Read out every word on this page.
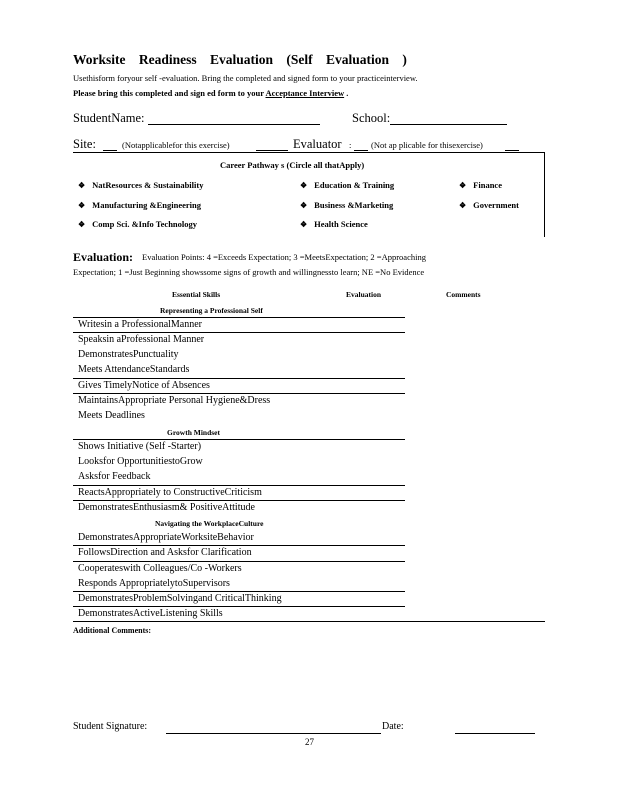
Worksite Readiness Evaluation (Self Evaluation )
Usethisform foryour self -evaluation. Bring the completed and signed form to your practiceinterview.
Please bring this completed and sign ed form to your Acceptance Interview .
StudentName:	School:
Site:	(Notapplicablefor this exercise)	Evaluator : (Not ap plicable for thisexercise)
Career Pathway s (Circle all thatApply)
❖ NatResources & Sustainability
❖ Manufacturing &Engineering
❖ Comp Sci. &Info Technology
❖ Education & Training
❖ Business &Marketing
❖ Health Science
❖ Finance
❖ Government
Evaluation: Evaluation Points: 4 =Exceeds Expectation; 3 =MeetsExpectation; 2 =Approaching
Expectation; 1 =Just Beginning showssome signs of growth and willingnessto learn; NE =No Evidence
Essential Skills
Representing a Professional Self
Evaluation	Comments
Writesin a ProfessionalManner
Speaksin aProfessional Manner
DemonstratesPunctuality
Meets AttendanceStandards
Gives TimelyNotice of Absences
MaintainsAppropriate Personal Hygiene&Dress
Meets Deadlines
Growth Mindset
Shows Initiative (Self -Starter)
Looksfor OpportunitiestoGrow
Asksfor Feedback
ReactsAppropriately to ConstructiveCriticism
DemonstratesEnthusiasm& PositiveAttitude
Navigating the WorkplaceCulture
DemonstratesAppropriateWorksiteBehavior
FollowsDirection and Asksfor Clarification
Cooperateswith Colleagues/Co -Workers
Responds AppropriatelytoSupervisors
DemonstratesProblemSolvingand CriticalThinking
DemonstratesActiveListening Skills
Additional Comments:
Student Signature:	Date:
27
